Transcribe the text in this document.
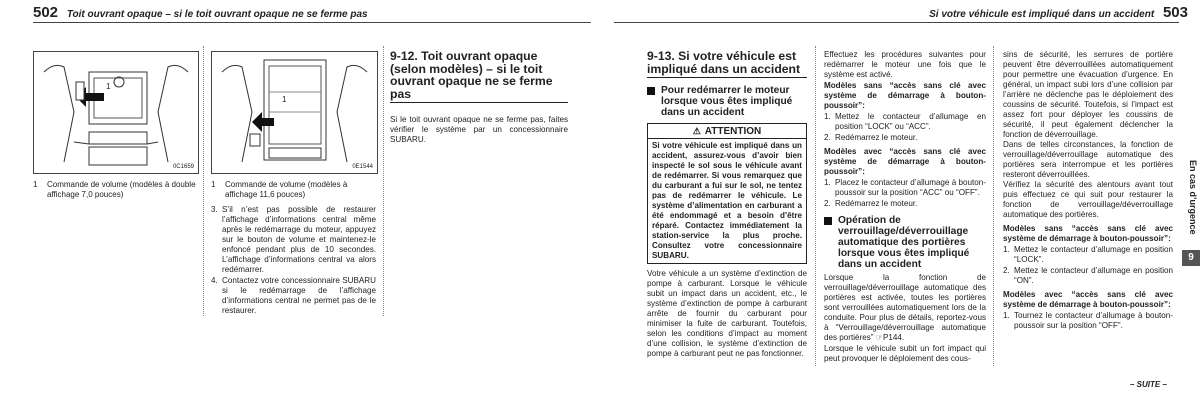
502 Toit ouvrant opaque – si le toit ouvrant opaque ne se ferme pas	Si votre véhicule est impliqué dans un accident 503
1
0C1659
1
0E1544
1	Commande de volume (modèles à double affichage 7,0 pouces)
1	Commande de volume (modèles à affichage 11,6 pouces)
3. S’il n’est pas possible de restaurer l’affichage d’informations central même après le redémarrage du moteur, appuyez sur le bouton de volume et maintenez-le enfoncé pendant plus de 10 secondes. L’affichage d’informations central va alors redémarrer.
4. Contactez votre concessionnaire SUBARU si le redémarrage de l’affichage d’informations central ne permet pas de le restaurer.
9-12. Toit ouvrant opaque (selon modèles) – si le toit ouvrant opaque ne se ferme pas
Si le toit ouvrant opaque ne se ferme pas, faites vérifier le système par un concessionnaire SUBARU.
9-13. Si votre véhicule est impliqué dans un accident
Pour redémarrer le moteur lorsque vous êtes impliqué dans un accident
⚠ ATTENTION
Si votre véhicule est impliqué dans un accident, assurez-vous d’avoir bien inspecté le sol sous le véhicule avant de redémarrer. Si vous remarquez que du carburant a fui sur le sol, ne tentez pas de redémarrer le véhicule. Le système d’alimentation en carburant a été endommagé et a besoin d’être réparé. Contactez immédiatement la station-service la plus proche. Consultez votre concessionnaire SUBARU.
Votre véhicule a un système d’extinction de pompe à carburant. Lorsque le véhicule subit un impact dans un accident, etc., le système d’extinction de pompe à carburant arrête de fournir du carburant pour minimiser la fuite de carburant. Toutefois, selon les conditions d’impact au moment d’une collision, le système d’extinction de pompe à carburant peut ne pas fonctionner.
Effectuez les procédures suivantes pour redémarrer le moteur une fois que le système est activé.
Modèles sans “accès sans clé avec système de démarrage à bouton-poussoir”:
1. Mettez le contacteur d’allumage en position “LOCK” ou “ACC”.
2. Redémarrez le moteur.
Modèles avec “accès sans clé avec système de démarrage à bouton-poussoir”:
1. Placez le contacteur d’allumage à bouton-poussoir sur la position “ACC” ou “OFF”.
2. Redémarrez le moteur.
Opération de verrouillage/déverrouillage automatique des portières lorsque vous êtes impliqué dans un accident
Lorsque la fonction de verrouillage/déverrouillage automatique des portières est activée, toutes les portières sont verrouillées automatiquement lors de la conduite. Pour plus de détails, reportez-vous à “Verrouillage/déverrouillage automatique des portières” ☞P144.
Lorsque le véhicule subit un fort impact qui peut provoquer le déploiement des cous-
sins de sécurité, les serrures de portière peuvent être déverrouillées automatiquement pour permettre une évacuation d’urgence. En général, un impact subi lors d’une collision par l’arrière ne déclenche pas le déploiement des coussins de sécurité. Toutefois, si l’impact est assez fort pour déployer les coussins de sécurité, il peut également déclencher la fonction de déverrouillage.
Dans de telles circonstances, la fonction de verrouillage/déverrouillage automatique des portières sera interrompue et les portières resteront déverrouillées.
Vérifiez la sécurité des alentours avant tout puis effectuez ce qui suit pour restaurer la fonction de verrouillage/déverrouillage automatique des portières.
Modèles sans “accès sans clé avec système de démarrage à bouton-poussoir”:
1. Mettez le contacteur d’allumage en position “LOCK”.
2. Mettez le contacteur d’allumage en position “ON”.
Modèles avec “accès sans clé avec système de démarrage à bouton-poussoir”:
1. Tournez le contacteur d’allumage à bouton-poussoir sur la position “OFF”.
– SUITE –
En cas d’urgence
9
